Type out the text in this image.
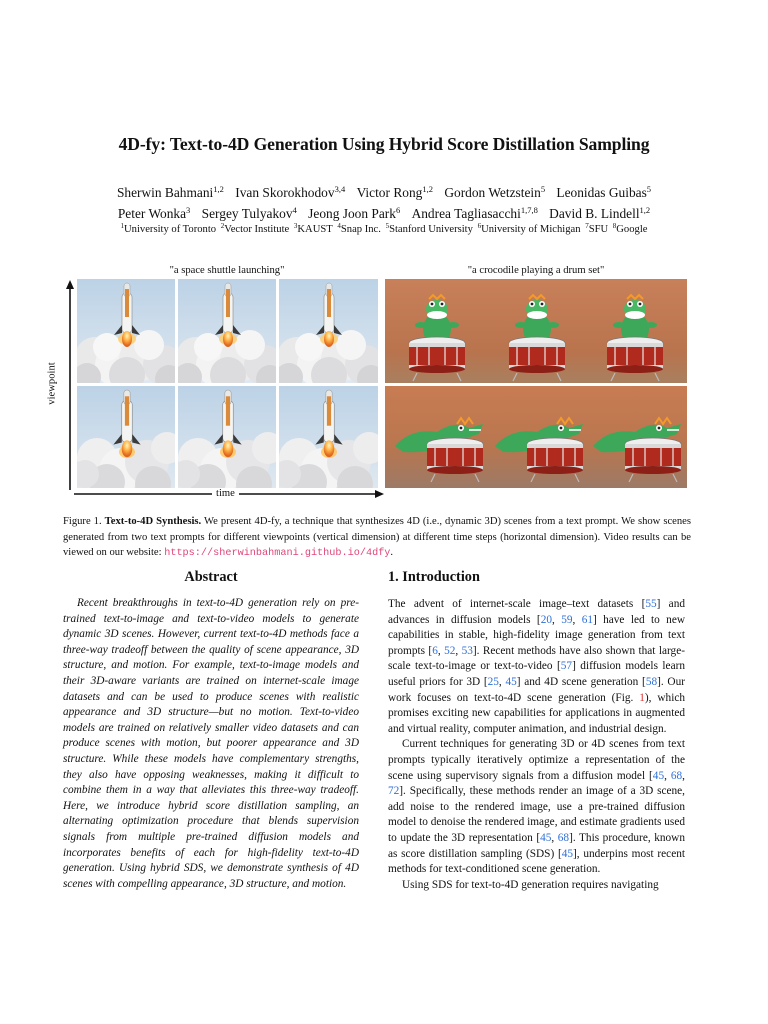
4D-fy: Text-to-4D Generation Using Hybrid Score Distillation Sampling
Sherwin Bahmani$^{1,2}$ Ivan Skorokhodov$^{3,4}$ Victor Rong$^{1,2}$ Gordon Wetzstein$^5$ Leonidas Guibas$^5$
Peter Wonka$^3$ Sergey Tulyakov$^4$ Jeong Joon Park$^6$ Andrea Tagliasacchi$^{1,7,8}$ David B. Lindell$^{1,2}$
$^1$University of Toronto $^2$Vector Institute $^3$KAUST $^4$Snap Inc. $^5$Stanford University $^6$University of Michigan $^7$SFU $^8$Google
"a space shuttle launching"	"a crocodile playing a drum set"
viewpoint
time
Figure 1. Text-to-4D Synthesis. We present 4D-fy, a technique that synthesizes 4D (i.e., dynamic 3D) scenes from a text prompt. We show scenes generated from two text prompts for different viewpoints (vertical dimension) at different time steps (horizontal dimension). Video results can be viewed on our website: https://sherwinbahmani.github.io/4dfy.
Abstract
Recent breakthroughs in text-to-4D generation rely on pre-trained text-to-image and text-to-video models to generate dynamic 3D scenes. However, current text-to-4D methods face a three-way tradeoff between the quality of scene appearance, 3D structure, and motion. For example, text-to-image models and their 3D-aware variants are trained on internet-scale image datasets and can be used to produce scenes with realistic appearance and 3D structure—but no motion. Text-to-video models are trained on relatively smaller video datasets and can produce scenes with motion, but poorer appearance and 3D structure. While these models have complementary strengths, they also have opposing weaknesses, making it difficult to combine them in a way that alleviates this three-way tradeoff. Here, we introduce hybrid score distillation sampling, an alternating optimization procedure that blends supervision signals from multiple pre-trained diffusion models and incorporates benefits of each for high-fidelity text-to-4D generation. Using hybrid SDS, we demonstrate synthesis of 4D scenes with compelling appearance, 3D structure, and motion.
1. Introduction

The advent of internet-scale image–text datasets [55] and advances in diffusion models [20, 59, 61] have led to new capabilities in stable, high-fidelity image generation from text prompts [6, 52, 53]. Recent methods have also shown that large-scale text-to-image or text-to-video [57] diffusion models learn useful priors for 3D [25, 45] and 4D scene generation [58]. Our work focuses on text-to-4D scene generation (Fig. 1), which promises exciting new capabilities for applications in augmented and virtual reality, computer animation, and industrial design.

Current techniques for generating 3D or 4D scenes from text prompts typically iteratively optimize a representation of the scene using supervisory signals from a diffusion model [45, 68, 72]. Specifically, these methods render an image of a 3D scene, add noise to the rendered image, use a pre-trained diffusion model to denoise the rendered image, and estimate gradients used to update the 3D representation [45, 68]. This procedure, known as score distillation sampling (SDS) [45], underpins most recent methods for text-conditioned scene generation.

Using SDS for text-to-4D generation requires navigating
